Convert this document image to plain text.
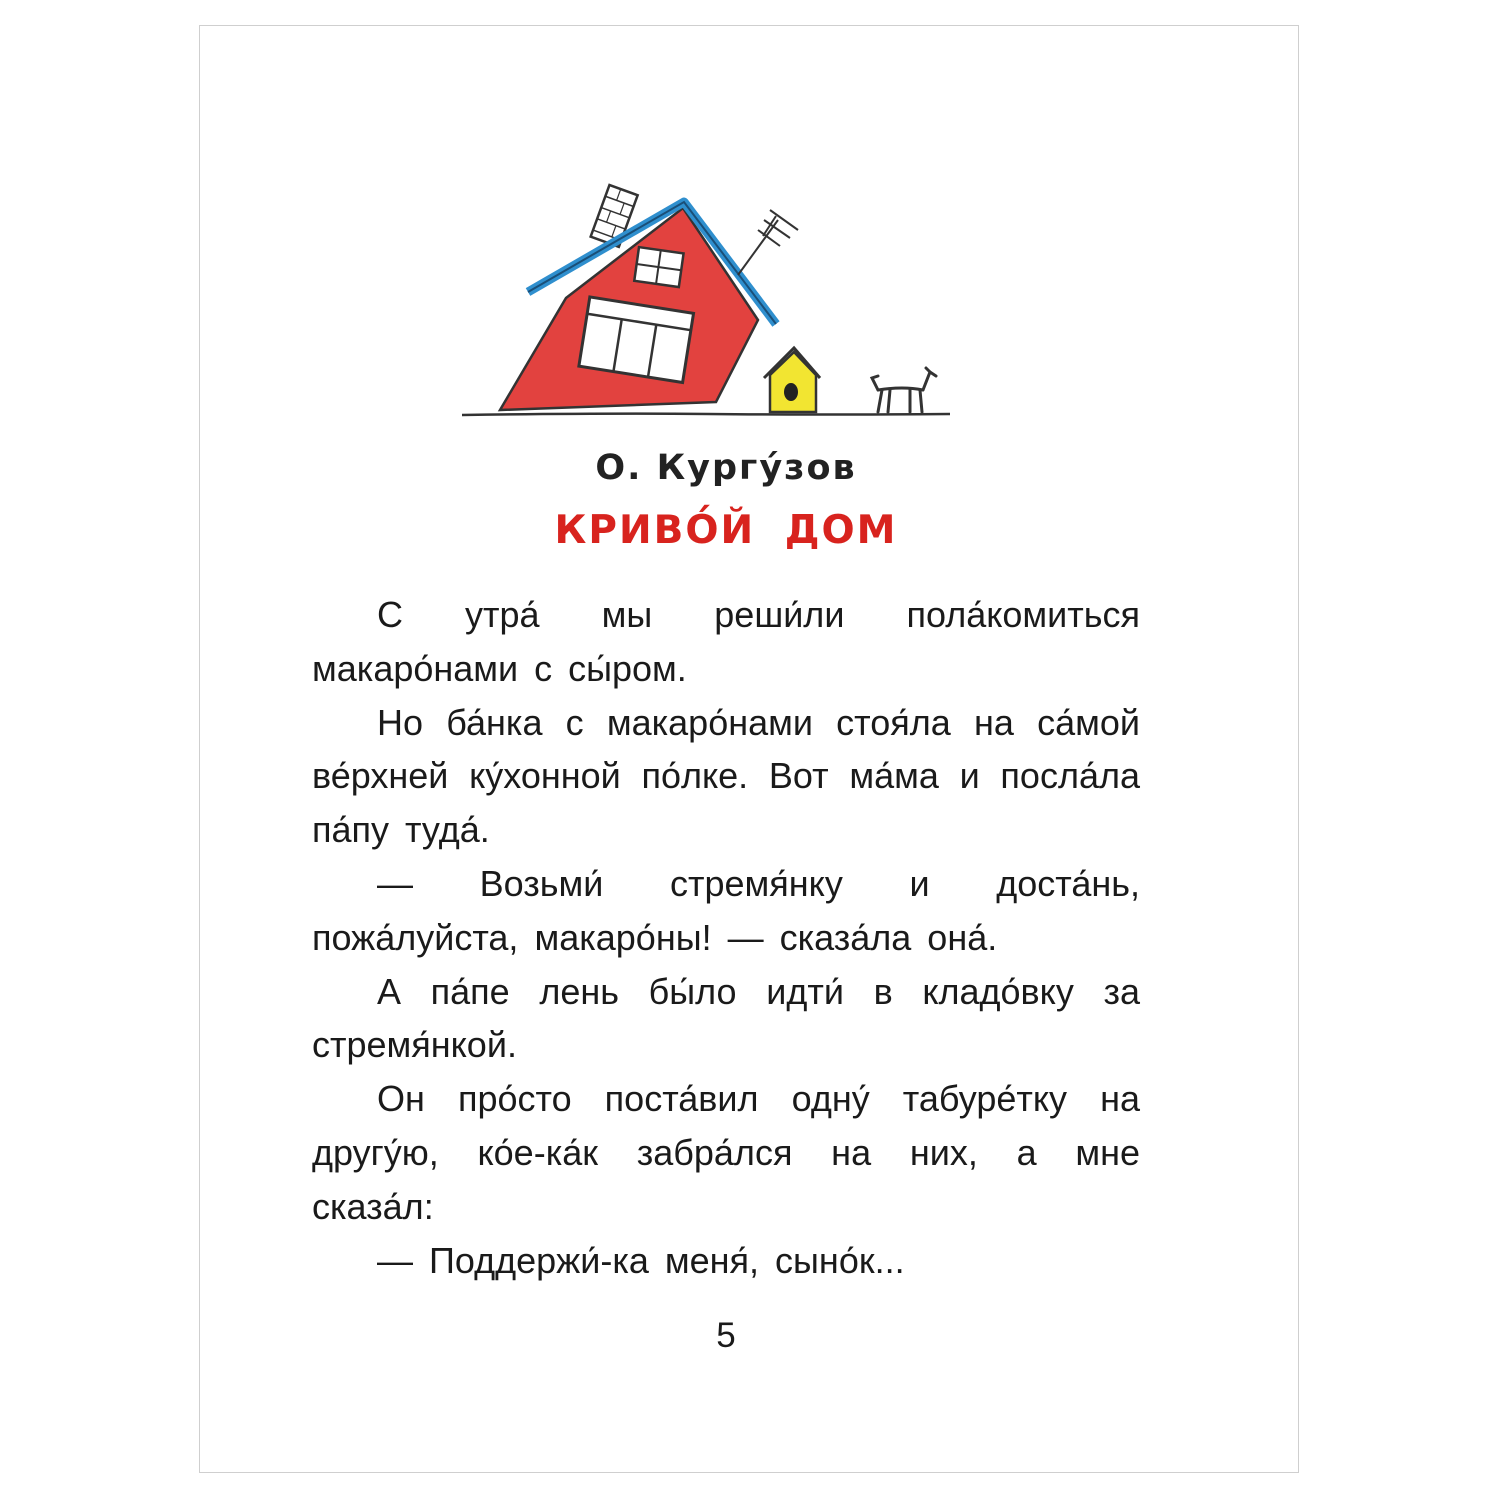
О. Кургу́зов
КРИВО́Й ДОМ

С утра́ мы реши́ли пола́комиться макаро́нами с сы́ром.

Но ба́нка с макаро́нами стоя́ла на са́мой ве́рхней ку́хонной по́лке. Вот ма́ма и посла́ла па́пу туда́.

— Возьми́ стремя́нку и доста́нь, пожа́луйста, макаро́ны! — сказа́ла она́.

А па́пе лень бы́ло идти́ в кладо́вку за стремя́нкой.

Он про́сто поста́вил одну́ табуре́тку на другу́ю, ко́е-ка́к забра́лся на них, а мне сказа́л:

— Поддержи́-ка меня́, сыно́к...

5
